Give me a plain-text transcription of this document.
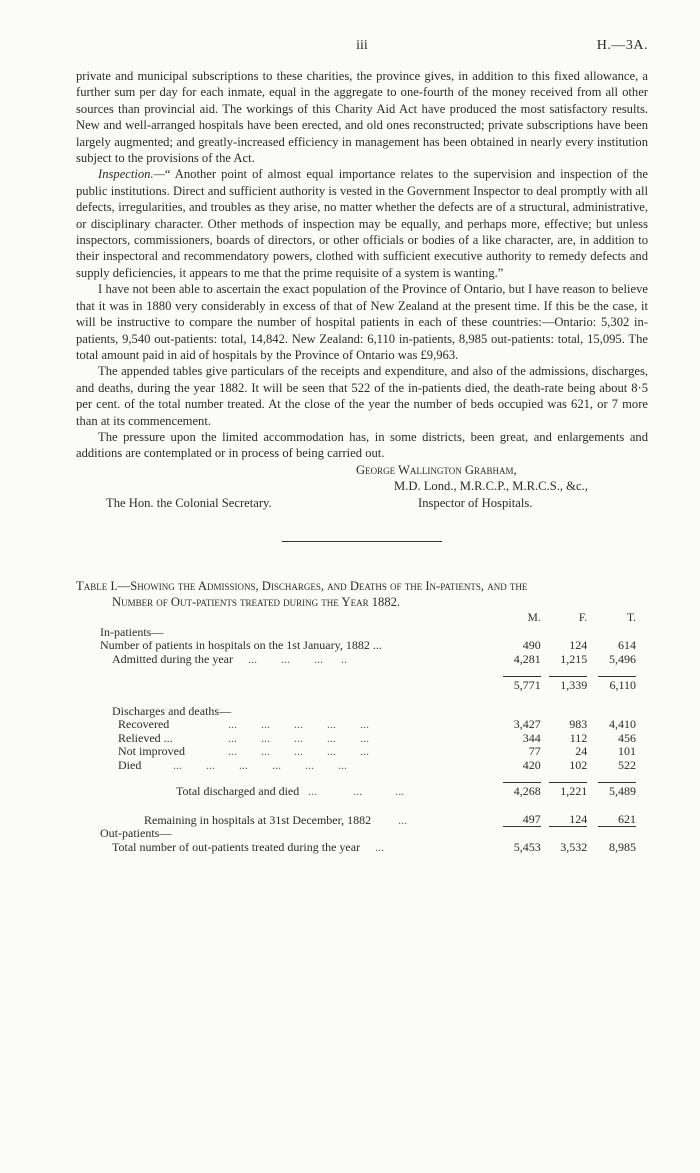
iii	H.—3A.

private and municipal subscriptions to these charities, the province gives, in addition to this fixed allowance, a further sum per day for each inmate, equal in the aggregate to one-fourth of the money received from all other sources than provincial aid. The workings of this Charity Aid Act have produced the most satisfactory results. New and well-arranged hospitals have been erected, and old ones reconstructed; private subscriptions have been largely augmented; and greatly-increased efficiency in management has been obtained in nearly every institution subject to the provisions of the Act.

Inspection.—“ Another point of almost equal importance relates to the supervision and inspection of the public institutions. Direct and sufficient authority is vested in the Government Inspector to deal promptly with all defects, irregularities, and troubles as they arise, no matter whether the defects are of a structural, administrative, or disciplinary character. Other methods of inspection may be equally, and perhaps more, effective; but unless inspectors, commissioners, boards of directors, or other officials or bodies of a like character, are, in addition to their inspectoral and recommendatory powers, clothed with sufficient executive authority to remedy defects and supply deficiencies, it appears to me that the prime requisite of a system is wanting.”

I have not been able to ascertain the exact population of the Province of Ontario, but I have reason to believe that it was in 1880 very considerably in excess of that of New Zealand at the present time. If this be the case, it will be instructive to compare the number of hospital patients in each of these countries:—Ontario: 5,302 in-patients, 9,540 out-patients: total, 14,842. New Zealand: 6,110 in-patients, 8,985 out-patients: total, 15,095. The total amount paid in aid of hospitals by the Province of Ontario was £9,963.

The appended tables give particulars of the receipts and expenditure, and also of the admissions, discharges, and deaths, during the year 1882. It will be seen that 522 of the in-patients died, the death-rate being about 8·5 per cent. of the total number treated. At the close of the year the number of beds occupied was 621, or 7 more than at its commencement.

The pressure upon the limited accommodation has, in some districts, been great, and enlargements and additions are contemplated or in process of being carried out.

George Wallington Grabham,
M.D. Lond., M.R.C.P., M.R.C.S., &c.,
The Hon. the Colonial Secretary.	Inspector of Hospitals.
Table I.—Showing the Admissions, Discharges, and Deaths of the In-patients, and the
Number of Out-patients treated during the Year 1882.
	M.	F.	T.
In-patients—			
Number of patients in hospitals on the 1st January, 1882 ...	490	124	614
Admitted during the year     ...        ...        ...      ..	4,281	1,215	5,496

	5,771	1,339	6,110

Discharges and deaths—			
Recovered ...        ...        ...        ...        ...	3,427	983	4,410
Relieved ... ...        ...        ...        ...        ...	344	112	456
Not improved ...        ...        ...        ...        ...	77	24	101
Died ...        ...        ...        ...        ...        ...	420	102	522

Total discharged and died   ...            ...           ...	4,268	1,221	5,489

Remaining in hospitals at 31st December, 1882         ...	497	124	621
Out-patients—			
Total number of out-patients treated during the year     ...	5,453	3,532	8,985
